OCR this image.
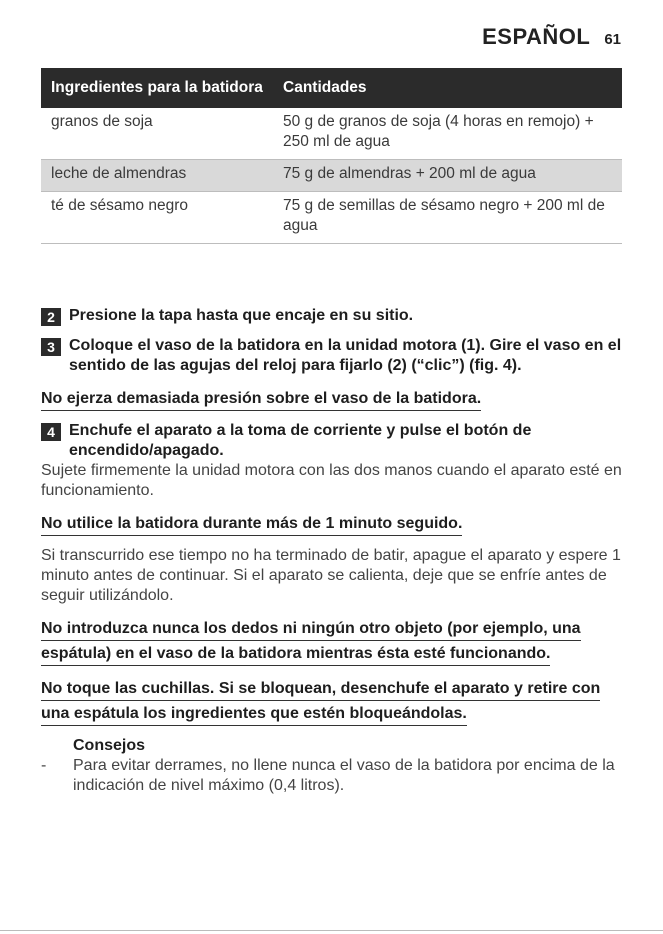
ESPAÑOL 61
Ingredientes para la batidora	Cantidades
granos de soja	50 g de granos de soja (4 horas en remojo) + 250 ml de agua
leche de almendras	75 g de almendras + 200 ml de agua
té de sésamo negro	75 g de semillas de sésamo negro + 200 ml de agua
2 Presione la tapa hasta que encaje en su sitio.
3 Coloque el vaso de la batidora en la unidad motora (1). Gire el vaso en el sentido de las agujas del reloj para fijarlo (2) (“clic”) (fig. 4).
No ejerza demasiada presión sobre el vaso de la batidora.
4 Enchufe el aparato a la toma de corriente y pulse el botón de encendido/apagado.
Sujete firmemente la unidad motora con las dos manos cuando el aparato esté en funcionamiento.
No utilice la batidora durante más de 1 minuto seguido.
Si transcurrido ese tiempo no ha terminado de batir, apague el aparato y espere 1 minuto antes de continuar. Si el aparato se calienta, deje que se enfríe antes de seguir utilizándolo.
No introduzca nunca los dedos ni ningún otro objeto (por ejemplo, una espátula) en el vaso de la batidora mientras ésta esté funcionando.
No toque las cuchillas. Si se bloquean, desenchufe el aparato y retire con una espátula los ingredientes que estén bloqueándolas.
Consejos
-	Para evitar derrames, no llene nunca el vaso de la batidora por encima de la indicación de nivel máximo (0,4 litros).
